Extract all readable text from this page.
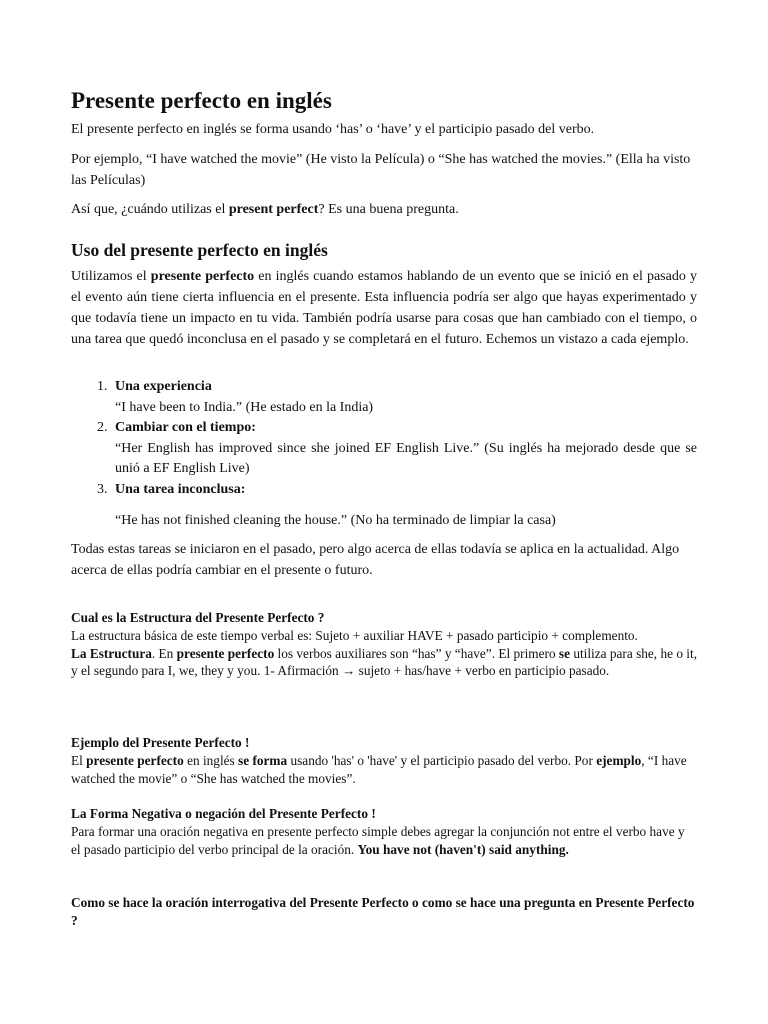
Presente perfecto en inglés

El presente perfecto en inglés se forma usando ‘has’ o ‘have’ y el participio pasado del verbo.

Por ejemplo, “I have watched the movie” (He visto la Película) o “She has watched the movies.” (Ella ha visto las Películas)

Así que, ¿cuándo utilizas el present perfect? Es una buena pregunta.

Uso del presente perfecto en inglés

Utilizamos el presente perfecto en inglés cuando estamos hablando de un evento que se inició en el pasado y el evento aún tiene cierta influencia en el presente. Esta influencia podría ser algo que hayas experimentado y que todavía tiene un impacto en tu vida. También podría usarse para cosas que han cambiado con el tiempo, o una tarea que quedó inconclusa en el pasado y se completará en el futuro. Echemos un vistazo a cada ejemplo.

1. Una experiencia
“I have been to India.” (He estado en la India)
2. Cambiar con el tiempo:
“Her English has improved since she joined EF English Live.” (Su inglés ha mejorado desde que se unió a EF English Live)
3. Una tarea inconclusa:
“He has not finished cleaning the house.” (No ha terminado de limpiar la casa)

Todas estas tareas se iniciaron en el pasado, pero algo acerca de ellas todavía se aplica en la actualidad. Algo acerca de ellas podría cambiar en el presente o futuro.

Cual es la Estructura del Presente Perfecto ?
La estructura básica de este tiempo verbal es: Sujeto + auxiliar HAVE + pasado participio + complemento.
La Estructura. En presente perfecto los verbos auxiliares son “has” y “have”. El primero se utiliza para she, he o it, y el segundo para I, we, they y you. 1- Afirmación → sujeto + has/have + verbo en participio pasado.
Ejemplo del Presente Perfecto !
El presente perfecto en inglés se forma usando 'has' o 'have' y el participio pasado del verbo. Por ejemplo, “I have watched the movie” o “She has watched the movies”.
La Forma Negativa o negación del Presente Perfecto !
Para formar una oración negativa en presente perfecto simple debes agregar la conjunción not entre el verbo have y el pasado participio del verbo principal de la oración. You have not (haven't) said anything.
Como se hace la oración interrogativa del Presente Perfecto o como se hace una pregunta en Presente Perfecto ?
